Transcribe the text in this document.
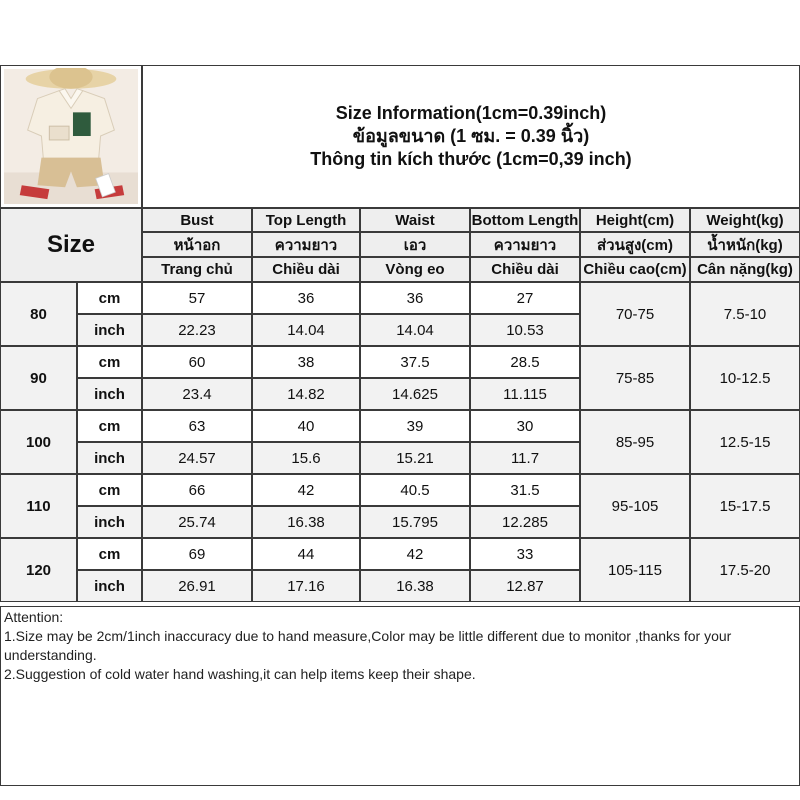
Size Information(1cm=0.39inch)
ข้อมูลขนาด (1 ซม. = 0.39 นิ้ว)
Thông tin kích thước (1cm=0,39 inch)
Size
Bust	Top Length	Waist	Bottom Length	Height(cm)	Weight(kg)
หน้าอก	ความยาว	เอว	ความยาว	ส่วนสูง(cm)	น้ำหนัก(kg)
Trang chủ	Chiều dài	Vòng eo	Chiều dài	Chiều cao(cm) Cân nặng(kg)
80
cm	57	36	36	27
inch	22.23	14.04	14.04	10.53
70-75	7.5-10
90
cm	60	38	37.5	28.5
inch	23.4	14.82	14.625	11.115
75-85	10-12.5
100
cm	63	40	39	30
inch	24.57	15.6	15.21	11.7
85-95	12.5-15
110
cm	66	42	40.5	31.5
inch	25.74	16.38	15.795	12.285
95-105	15-17.5
120
cm	69	44	42	33
inch	26.91	17.16	16.38	12.87
105-115	17.5-20
Attention:
1.Size may be 2cm/1inch inaccuracy due to hand measure,Color may be little different due to monitor ,thanks for your understanding.
2.Suggestion of cold water hand washing,it can help items keep their shape.
